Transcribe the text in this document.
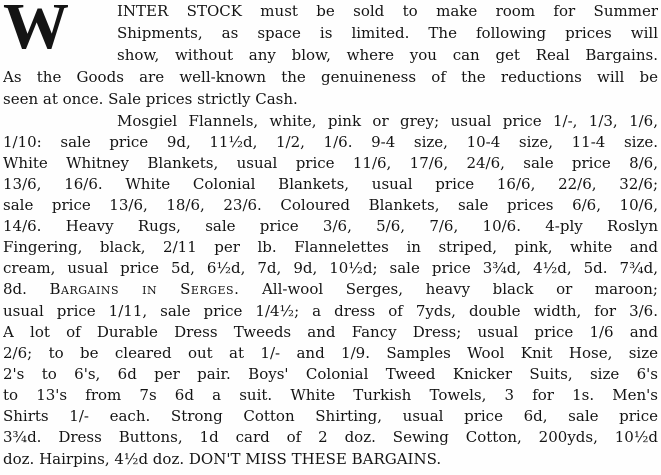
W	INTER STOCK must be sold to make room for Summer
Shipments, as space is limited. The following prices will
show, without any blow, where you can get Real Bargains.
As the Goods are well-known the genuineness of the reductions will be
seen at once. Sale prices strictly Cash.
Mosgiel Flannels, white, pink or grey; usual price 1/-, 1/3, 1/6,
1/10: sale price 9d, 11½d, 1/2, 1/6. 9-4 size, 10-4 size, 11-4 size.
White Whitney Blankets, usual price 11/6, 17/6, 24/6, sale price 8/6,
13/6, 16/6. White Colonial Blankets, usual price 16/6, 22/6, 32/6;
sale price 13/6, 18/6, 23/6. Coloured Blankets, sale prices 6/6, 10/6,
14/6. Heavy Rugs, sale price 3/6, 5/6, 7/6, 10/6. 4-ply Roslyn
Fingering, black, 2/11 per lb. Flannelettes in striped, pink, white and
cream, usual price 5d, 6½d, 7d, 9d, 10½d; sale price 3¾d, 4½d, 5d. 7¾d,
8d. Bargains in Serges. All-wool Serges, heavy black or maroon;
usual price 1/11, sale price 1/4½; a dress of 7yds, double width, for 3/6.
A lot of Durable Dress Tweeds and Fancy Dress; usual price 1/6 and
2/6; to be cleared out at 1/- and 1/9. Samples Wool Knit Hose, size
2's to 6's, 6d per pair. Boys' Colonial Tweed Knicker Suits, size 6's
to 13's from 7s 6d a suit. White Turkish Towels, 3 for 1s. Men's
Shirts 1/- each. Strong Cotton Shirting, usual price 6d, sale price
3¾d. Dress Buttons, 1d card of 2 doz. Sewing Cotton, 200yds, 10½d
doz. Hairpins, 4½d doz. DON'T MISS THESE BARGAINS.
